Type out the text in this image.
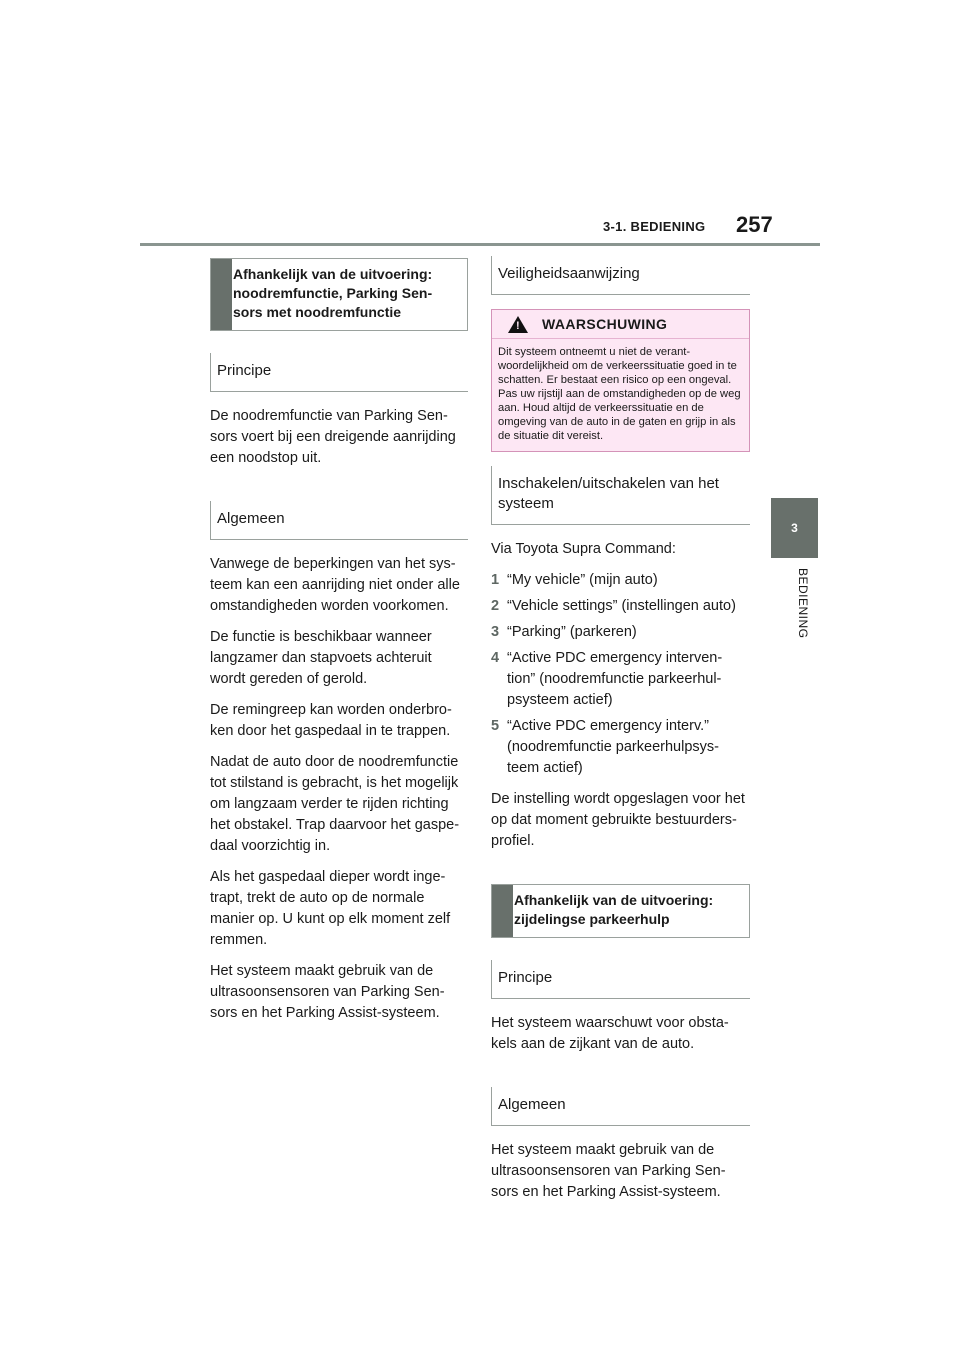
3-1. BEDIENING 257
3
BEDIENING
Afhankelijk van de uitvoering:
noodremfunctie, Parking Sen-
sors met noodremfunctie
Principe

De noodremfunctie van Parking Sen-sors voert bij een dreigende aanrijding een noodstop uit.

Algemeen

Vanwege de beperkingen van het sys-teem kan een aanrijding niet onder alle omstandigheden worden voorkomen.

De functie is beschikbaar wanneer langzamer dan stapvoets achteruit wordt gereden of gerold.

De remingreep kan worden onderbro-ken door het gaspedaal in te trappen.

Nadat de auto door de noodremfunctie tot stilstand is gebracht, is het mogelijk om langzaam verder te rijden richting het obstakel. Trap daarvoor het gaspe-daal voorzichtig in.

Als het gaspedaal dieper wordt inge-trapt, trekt de auto op de normale manier op. U kunt op elk moment zelf remmen.

Het systeem maakt gebruik van de ultrasoonsensoren van Parking Sen-sors en het Parking Assist-systeem.

Veiligheidsaanwijzing
! WAARSCHUWING
Dit systeem ontneemt u niet de verant-woordelijkheid om de verkeerssituatie goed in te schatten. Er bestaat een risico op een ongeval. Pas uw rijstijl aan de omstandigheden op de weg aan. Houd altijd de verkeerssituatie en de omgeving van de auto in de gaten en grijp in als de situatie dit vereist.
Inschakelen/uitschakelen van het systeem

Via Toyota Supra Command:

1 “My vehicle” (mijn auto)
2 “Vehicle settings” (instellingen auto)
3 “Parking” (parkeren)
4 “Active PDC emergency interven-tion” (noodremfunctie parkeerhul-psysteem actief)
5 “Active PDC emergency interv.” (noodremfunctie parkeerhulpsys-teem actief)

De instelling wordt opgeslagen voor het op dat moment gebruikte bestuurders-profiel.

Afhankelijk van de uitvoering:
zijdelingse parkeerhulp
Principe

Het systeem waarschuwt voor obsta-kels aan de zijkant van de auto.

Algemeen

Het systeem maakt gebruik van de ultrasoonsensoren van Parking Sen-sors en het Parking Assist-systeem.
